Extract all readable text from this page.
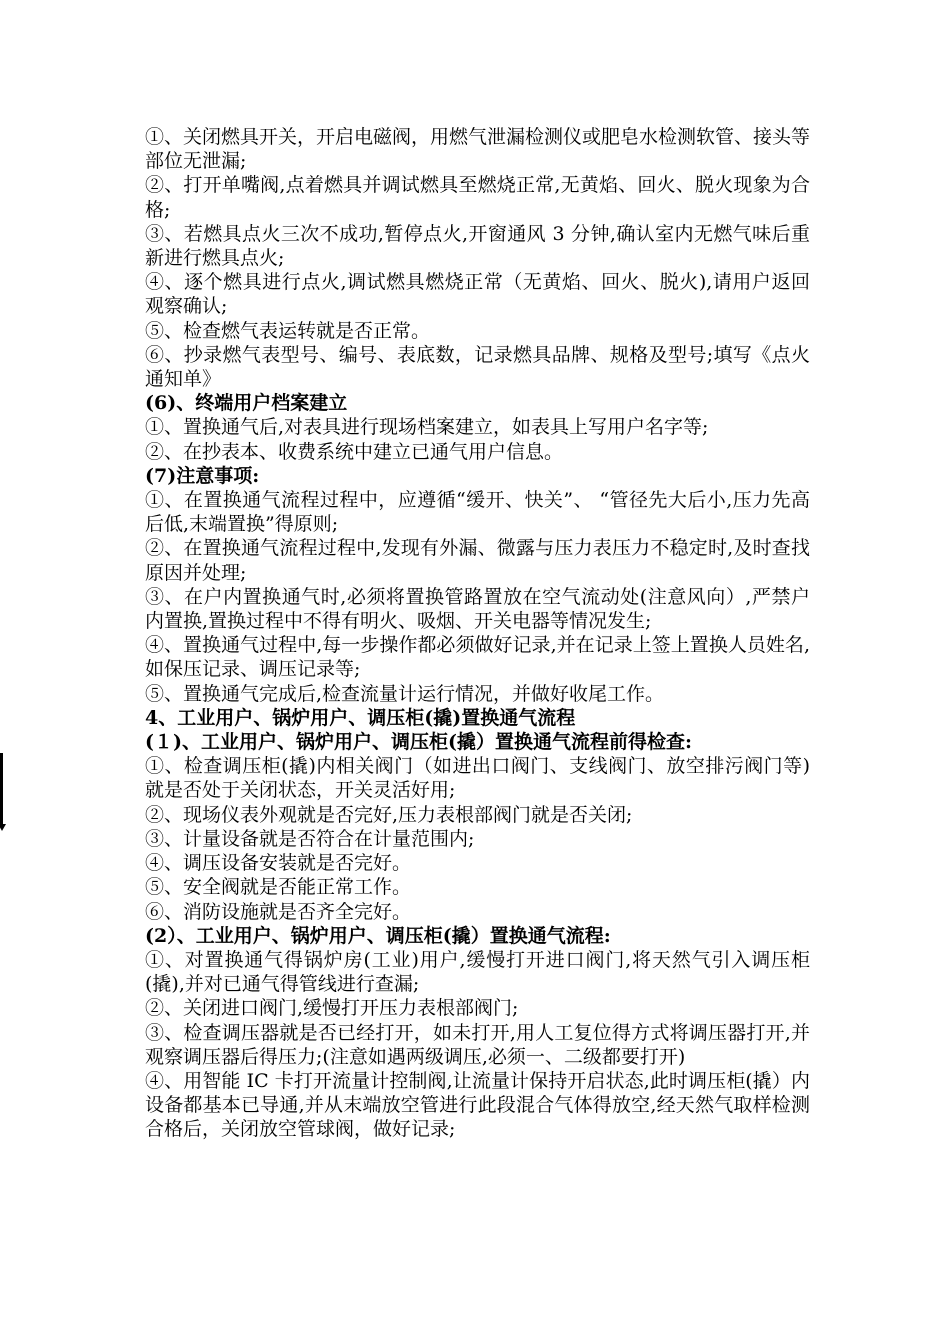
①、关闭燃具开关，开启电磁阀，用燃气泄漏检测仪或肥皂水检测软管、接头等部位无泄漏;

②、打开单嘴阀,点着燃具并调试燃具至燃烧正常,无黄焰、回火、脱火现象为合格;

③、若燃具点火三次不成功,暂停点火,开窗通风 3 分钟,确认室内无燃气味后重新进行燃具点火;

④、逐个燃具进行点火,调试燃具燃烧正常（无黄焰、回火、脱火),请用户返回观察确认;

⑤、检查燃气表运转就是否正常。

⑥、抄录燃气表型号、编号、表底数，记录燃具品牌、规格及型号;填写《点火通知单》

(6)、终端用户档案建立

①、置换通气后,对表具进行现场档案建立，如表具上写用户名字等;

②、在抄表本、收费系统中建立已通气用户信息。

(7)注意事项:

①、在置换通气流程过程中，应遵循“缓开、快关”、 “管径先大后小,压力先高后低,末端置换”得原则;

②、在置换通气流程过程中,发现有外漏、微露与压力表压力不稳定时,及时查找原因并处理;

③、在户内置换通气时,必须将置换管路置放在空气流动处(注意风向）,严禁户内置换,置换过程中不得有明火、吸烟、开关电器等情况发生;

④、置换通气过程中,每一步操作都必须做好记录,并在记录上签上置换人员姓名,如保压记录、调压记录等;

⑤、置换通气完成后,检查流量计运行情况，并做好收尾工作。

4、工业用户、锅炉用户、调压柜(撬)置换通气流程

(１)、工业用户、锅炉用户、调压柜(撬）置换通气流程前得检查:

①、检查调压柜(撬)内相关阀门（如进出口阀门、支线阀门、放空排污阀门等)就是否处于关闭状态，开关灵活好用;

②、现场仪表外观就是否完好,压力表根部阀门就是否关闭;

③、计量设备就是否符合在计量范围内;

④、调压设备安装就是否完好。

⑤、安全阀就是否能正常工作。

⑥、消防设施就是否齐全完好。

(2）、工业用户、锅炉用户、调压柜(撬）置换通气流程:

①、对置换通气得锅炉房(工业)用户,缓慢打开进口阀门,将天然气引入调压柜(撬),并对已通气得管线进行查漏;

②、关闭进口阀门,缓慢打开压力表根部阀门;

③、检查调压器就是否已经打开，如未打开,用人工复位得方式将调压器打开,并观察调压器后得压力;(注意如遇两级调压,必须一、二级都要打开)

④、用智能 IC 卡打开流量计控制阀,让流量计保持开启状态,此时调压柜(撬）内设备都基本已导通,并从末端放空管进行此段混合气体得放空,经天然气取样检测合格后，关闭放空管球阀，做好记录;
